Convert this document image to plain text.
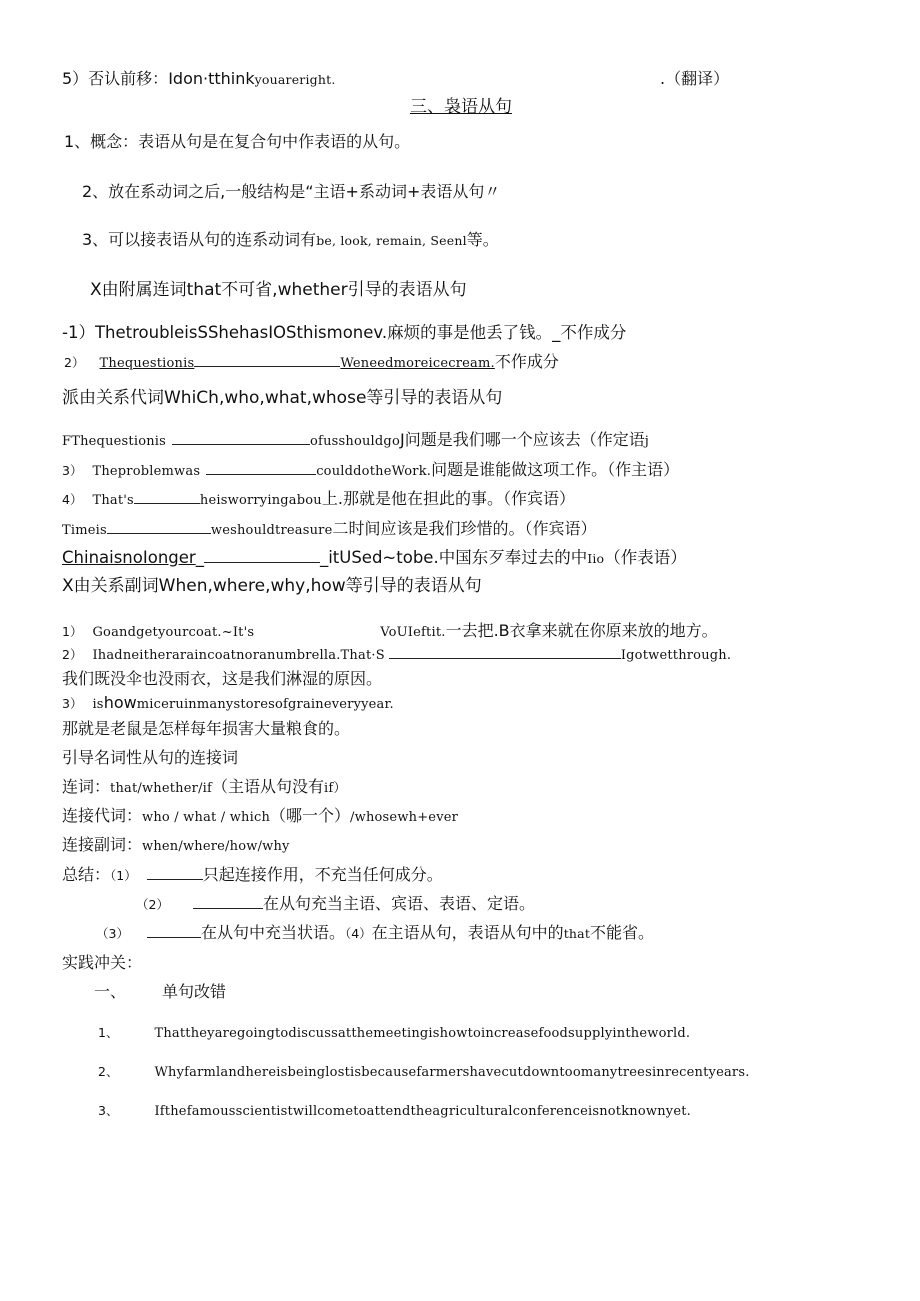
5）否认前移：Idon·tthinkyouareright.	.（翻译）
三、袅语从句
1、概念：表语从句是在复合句中作表语的从句。
2、放在系动词之后,一般结构是“主语+系动词+表语从句〃
3、可以接表语从句的连系动词有be, look, remain, Seenl等。
X由附属连词that不可省,whether引导的表语从句
-1）ThetroubleisSShehasIOSthismonev.麻烦的事是他丢了钱。_不作成分
2） Thequestionis	Weneedmoreicecream.不作成分
派由关系代词WhiCh,who,what,whose等引导的表语从句
FThequestionis	ofusshouldgoJ问题是我们哪一个应该去（作定语j
3） Theproblemwas	coulddotheWork.问题是谁能做这项工作。（作主语）
4） That's	heisworryingabou上.那就是他在担此的事。（作宾语）
Timeis	weshouldtreasure二时间应该是我们珍惜的。（作宾语）
ChinaisnoIonger_	_itUSed~tobe.中国东歹奉过去的中Iio（作表语）
X由关系副词When,where,why,how等引导的表语从句
1） Goandgetyourcoat.~It's	VoUIeftit.一去把.B衣拿来就在你原来放的地方。
2） Ihadneitheraraincoatnoranumbrella.That·S	Igotwetthrough.
我们既没伞也没雨衣，这是我们淋湿的原因。
3） ishowmiceruinmanystoresofgraineveryyear.
那就是老鼠是怎样每年损害大量粮食的。
引导名词性从句的连接词
连词：that/whether/if（主语从句没有if）
连接代词：who / what / which（哪一个）/whosewh+ever
连接副词：when/where/how/why
总结：（1）	只起连接作用，不充当任何成分。
（2）	在从句充当主语、宾语、表语、定语。
（3）	在从句中充当状语。（4）在主语从句，表语从句中的that不能省。
实践冲关：
一、 单句改错
1、	Thattheyaregoingtodiscussatthemeetingishowtoincreasefoodsupplyintheworld.
2、	Whyfarmlandhereisbeinglostisbecausefarmershavecutdowntoomanytreesinrecentyears.
3、	Ifthefamousscientistwillcometoattendtheagriculturalconferenceisnotknownyet.
